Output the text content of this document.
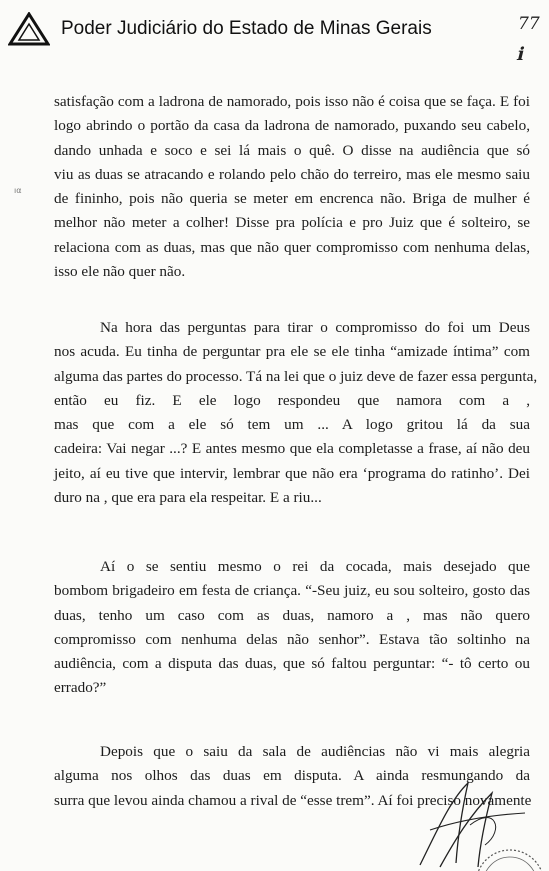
Poder Judiciário do Estado de Minas Gerais	77
ℹ
ıα
satisfação com a ladrona de namorado, pois isso não é coisa que se faça. E foi
logo abrindo o portão da casa da ladrona de namorado, puxando seu cabelo,
dando unhada e soco e sei lá mais o quê. O disse na audiência que só
viu as duas se atracando e rolando pelo chão do terreiro, mas ele mesmo saiu
de fininho, pois não queria se meter em encrenca não. Briga de mulher é
melhor não meter a colher! Disse pra polícia e pro Juiz que é solteiro, se
relaciona com as duas, mas que não quer compromisso com nenhuma delas,
isso ele não quer não.
Na hora das perguntas para tirar o compromisso do foi um Deus
nos acuda. Eu tinha de perguntar pra ele se ele tinha “amizade íntima” com
alguma das partes do processo. Tá na lei que o juiz deve de fazer essa pergunta,
então eu fiz. E ele logo respondeu que namora com a ,
mas que com a ele só tem um ... A logo gritou lá da sua
cadeira: Vai negar ...? E antes mesmo que ela completasse a frase, aí não deu
jeito, aí eu tive que intervir, lembrar que não era ‘programa do ratinho’. Dei
duro na , que era para ela respeitar. E a riu...
Aí o se sentiu mesmo o rei da cocada, mais desejado que
bombom brigadeiro em festa de criança. “-Seu juiz, eu sou solteiro, gosto das
duas, tenho um caso com as duas, namoro a , mas não quero
compromisso com nenhuma delas não senhor”. Estava tão soltinho na
audiência, com a disputa das duas, que só faltou perguntar: “- tô certo ou
errado?”
Depois que o saiu da sala de audiências não vi mais alegria
alguma nos olhos das duas em disputa. A ainda resmungando da
surra que levou ainda chamou a rival de “esse trem”. Aí foi preciso novamente
